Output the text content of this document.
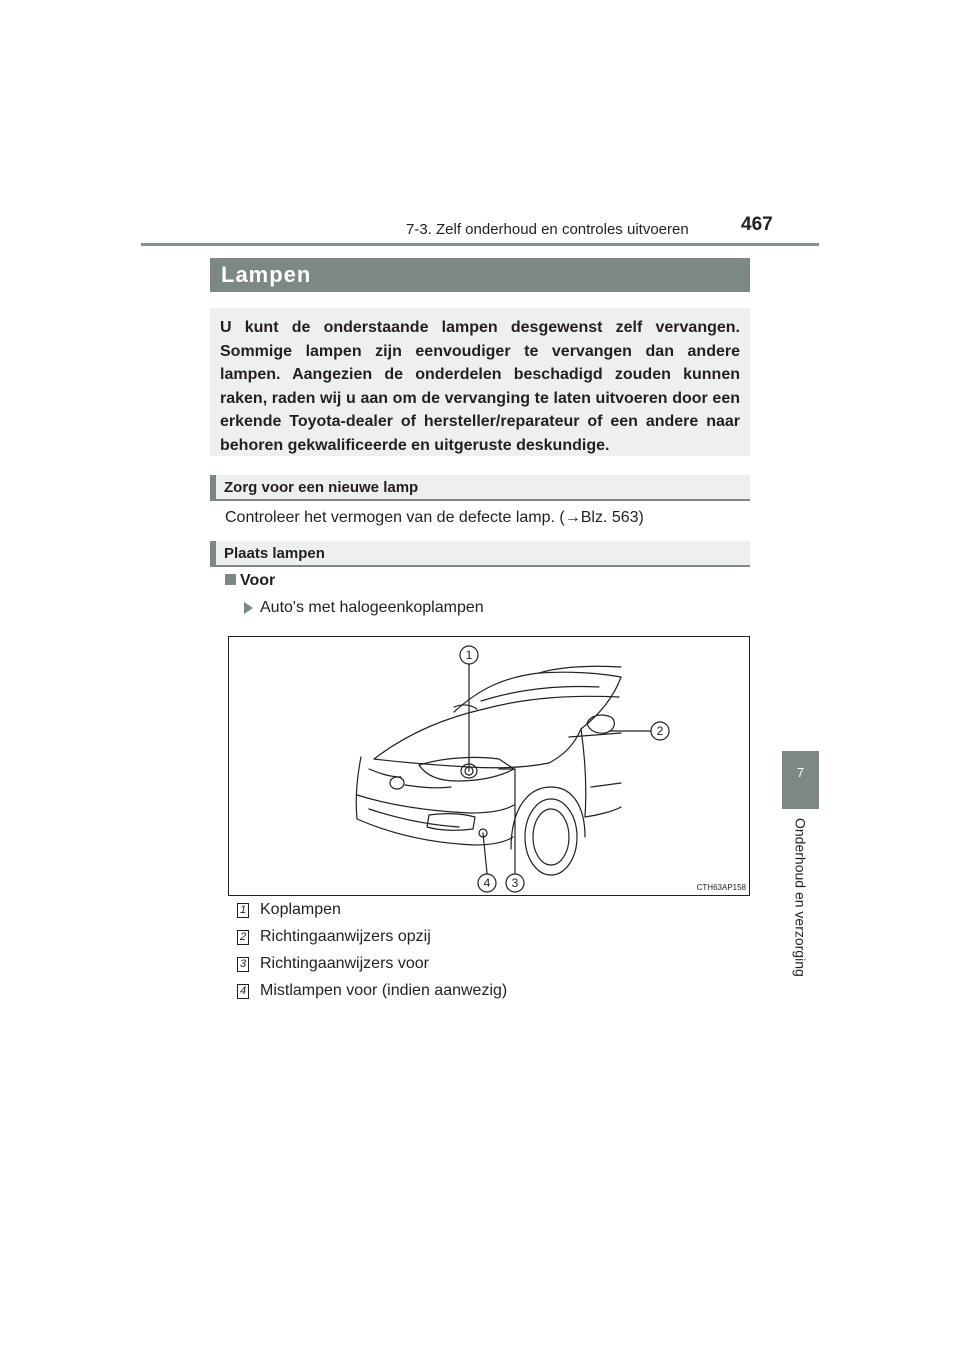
7-3. Zelf onderhoud en controles uitvoeren	467
7
Onderhoud en verzorging
Lampen
U kunt de onderstaande lampen desgewenst zelf vervangen. Sommige lampen zijn eenvoudiger te vervangen dan andere lampen. Aangezien de onderdelen beschadigd zouden kunnen raken, raden wij u aan om de vervanging te laten uitvoeren door een erkende Toyota-dealer of hersteller/reparateur of een andere naar behoren gekwalificeerde en uitgeruste deskundige.
Zorg voor een nieuwe lamp
Controleer het vermogen van de defecte lamp. (→Blz. 563)
Plaats lampen
Voor
Auto's met halogeenkoplampen
1
2
3
4	CTH63AP158
1 Koplampen
2 Richtingaanwijzers opzij
3 Richtingaanwijzers voor
4 Mistlampen voor (indien aanwezig)
